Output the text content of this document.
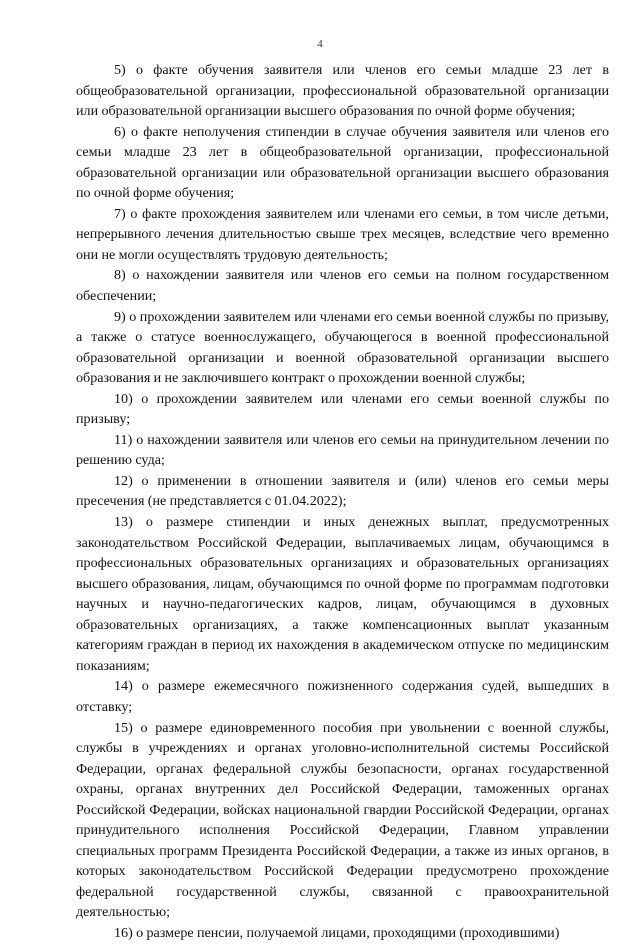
4

5) о факте обучения заявителя или членов его семьи младше 23 лет в общеобразовательной организации, профессиональной образовательной организации или образовательной организации высшего образования по очной форме обучения;

6) о факте неполучения стипендии в случае обучения заявителя или членов его семьи младше 23 лет в общеобразовательной организации, профессиональной образовательной организации или образовательной организации высшего образования по очной форме обучения;

7) о факте прохождения заявителем или членами его семьи, в том числе детьми, непрерывного лечения длительностью свыше трех месяцев, вследствие чего временно они не могли осуществлять трудовую деятельность;

8) о нахождении заявителя или членов его семьи на полном государственном обеспечении;

9) о прохождении заявителем или членами его семьи военной службы по призыву, а также о статусе военнослужащего, обучающегося в военной профессиональной образовательной организации и военной образовательной организации высшего образования и не заключившего контракт о прохождении военной службы;

10) о прохождении заявителем или членами его семьи военной службы по призыву;

11) о нахождении заявителя или членов его семьи на принудительном лечении по решению суда;

12) о применении в отношении заявителя и (или) членов его семьи меры пресечения (не представляется с 01.04.2022);

13) о размере стипендии и иных денежных выплат, предусмотренных законодательством Российской Федерации, выплачиваемых лицам, обучающимся в профессиональных образовательных организациях и образовательных организациях высшего образования, лицам, обучающимся по очной форме по программам подготовки научных и научно-педагогических кадров, лицам, обучающимся в духовных образовательных организациях, а также компенсационных выплат указанным категориям граждан в период их нахождения в академическом отпуске по медицинским показаниям;

14) о размере ежемесячного пожизненного содержания судей, вышедших в отставку;

15) о размере единовременного пособия при увольнении с военной службы, службы в учреждениях и органах уголовно-исполнительной системы Российской Федерации, органах федеральной службы безопасности, органах государственной охраны, органах внутренних дел Российской Федерации, таможенных органах Российской Федерации, войсках национальной гвардии Российской Федерации, органах принудительного исполнения Российской Федерации, Главном управлении специальных программ Президента Российской Федерации, а также из иных органов, в которых законодательством Российской Федерации предусмотрено прохождение федеральной государственной службы, связанной с правоохранительной деятельностью;

16) о размере пенсии, получаемой лицами, проходящими (проходившими)
